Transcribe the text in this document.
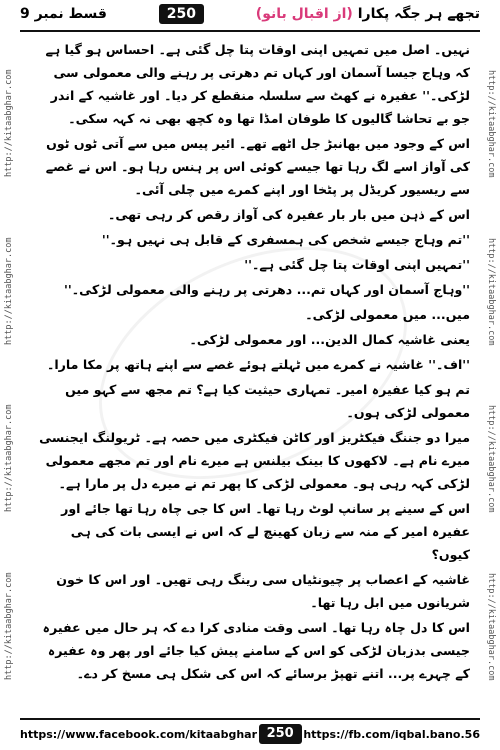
قسط نمبر 9	250	تجھے ہر جگہ پکارا (از اقبال بانو)
http://kitaabghar.com
http://kitaabghar.com
http://kitaabghar.com
http://kitaabghar.com	http://kitaabghar.com
http://kitaabghar.com
http://kitaabghar.com
http://kitaabghar.com

نہیں۔ اصل میں تمہیں اپنی اوقات پتا چل گئی ہے۔ احساس ہو گیا ہے کہ وہاج جیسا آسمان اور کہاں تم دھرتی پر رہنے والی معمولی سی لڑکی۔'' عفیرہ نے کھٹ سے سلسلہ منقطع کر دیا۔ اور غاشیہ کے اندر جو بے تحاشا گالیوں کا طوفان امڈا تھا وہ کچھ بھی نہ کہہ سکی۔

اس کے وجود میں بھانبڑ جل اٹھے تھے۔ ائیر پیس میں سے آتی ٹوں ٹوں کی آواز اسے لگ رہا تھا جیسے کوئی اس پر ہنس رہا ہو۔ اس نے غصے سے ریسیور کریڈل پر پٹخا اور اپنے کمرے میں چلی آئی۔

اس کے ذہن میں بار بار عفیرہ کی آواز رقص کر رہی تھی۔

''تم وہاج جیسے شخص کی ہمسفری کے قابل ہی نہیں ہو۔''

''تمہیں اپنی اوقات پتا چل گئی ہے۔''

''وہاج آسمان اور کہاں تم... دھرتی پر رہنے والی معمولی لڑکی۔''

میں... میں معمولی لڑکی۔

یعنی غاشیہ کمال الدین... اور معمولی لڑکی۔

''اف۔'' غاشیہ نے کمرے میں ٹہلتے ہوئے غصے سے اپنے ہاتھ پر مکا مارا۔

تم ہو کیا عفیرہ امیر۔ تمہاری حیثیت کیا ہے؟ تم مجھ سے کہو میں معمولی لڑکی ہوں۔

میرا دو جننگ فیکٹریز اور کاٹن فیکٹری میں حصہ ہے۔ ٹریولنگ ایجنسی میرے نام ہے۔ لاکھوں کا بینک بیلنس ہے میرے نام اور تم مجھے معمولی لڑکی کہہ رہی ہو۔ معمولی لڑکی کا پھر تم نے میرے دل پر مارا ہے۔

اس کے سینے پر سانپ لوٹ رہا تھا۔ اس کا جی چاہ رہا تھا جائے اور عفیرہ امیر کے منہ سے زبان کھینچ لے کہ اس نے ایسی بات کی ہی کیوں؟

غاشیہ کے اعصاب پر چیونٹیاں سی رینگ رہی تھیں۔ اور اس کا خون شریانوں میں ابل رہا تھا۔

اس کا دل چاہ رہا تھا۔ اسی وقت منادی کرا دے کہ ہر حال میں عفیرہ جیسی بدزبان لڑکی کو اس کے سامنے پیش کیا جائے اور پھر وہ عفیرہ کے چہرے پر... اتنے تھپڑ برسائے کہ اس کی شکل ہی مسخ کر دے۔

https://www.facebook.com/kitaabghar 250 https://fb.com/iqbal.bano.56
